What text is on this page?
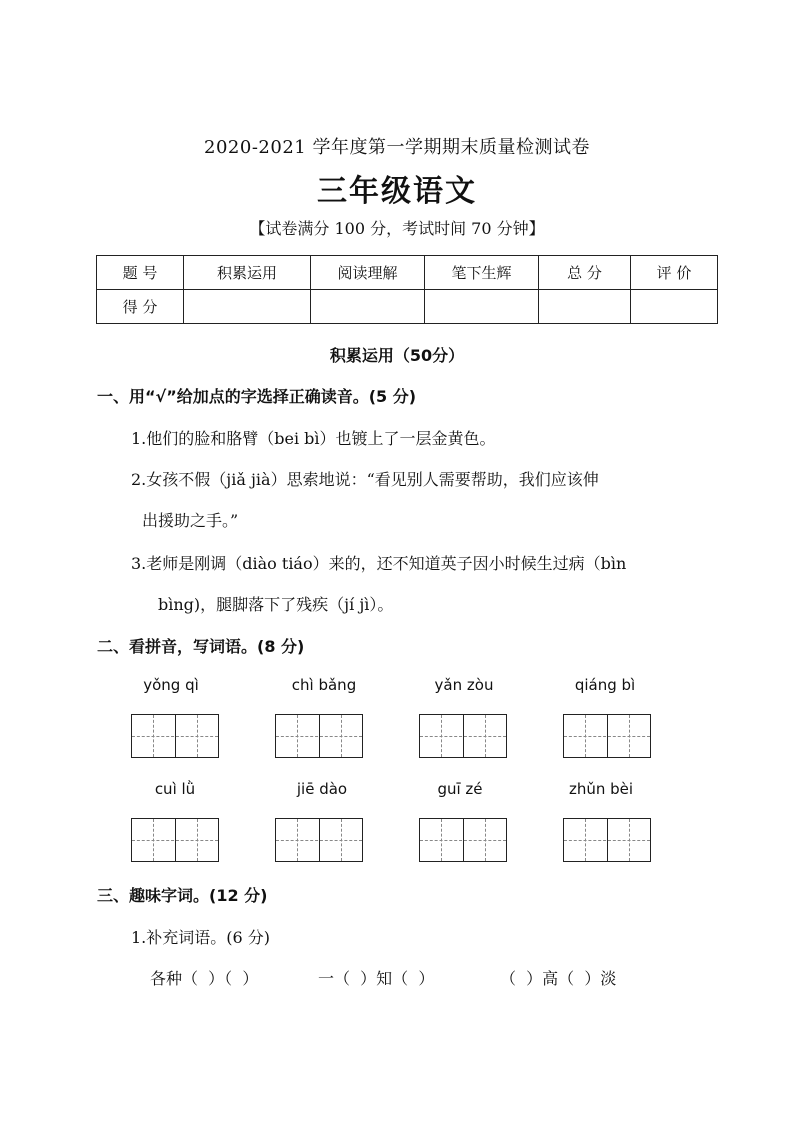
2020-2021 学年度第一学期期末质量检测试卷
三年级语文
【试卷满分 100 分，考试时间 70 分钟】
题 号	积累运用	阅读理解	笔下生辉	总 分	评 价
得 分					
积累运用（50分）
一、用“√”给加点的字选择正确读音。(5 分)
1.他们的脸和胳臂（bei bì）也镀上了一层金黄色。
2.女孩不假（jiǎ jià）思索地说：“看见别人需要帮助，我们应该伸
出援助之手。”
3.老师是刚调（diào tiáo）来的，还不知道英子因小时候生过病（bìn
bìng)，腿脚落下了残疾（jí jì）。
二、看拼音，写词语。(8 分)
yǒng qì	chì bǎng	yǎn zòu	qiáng bì
cuì lǜ	jiē dào	guī zé	zhǔn bèi
三、趣味字词。(12 分)
1.补充词语。(6 分)
各种（  ）（  ）	一（  ）知（  ）	（  ）高（  ）淡
